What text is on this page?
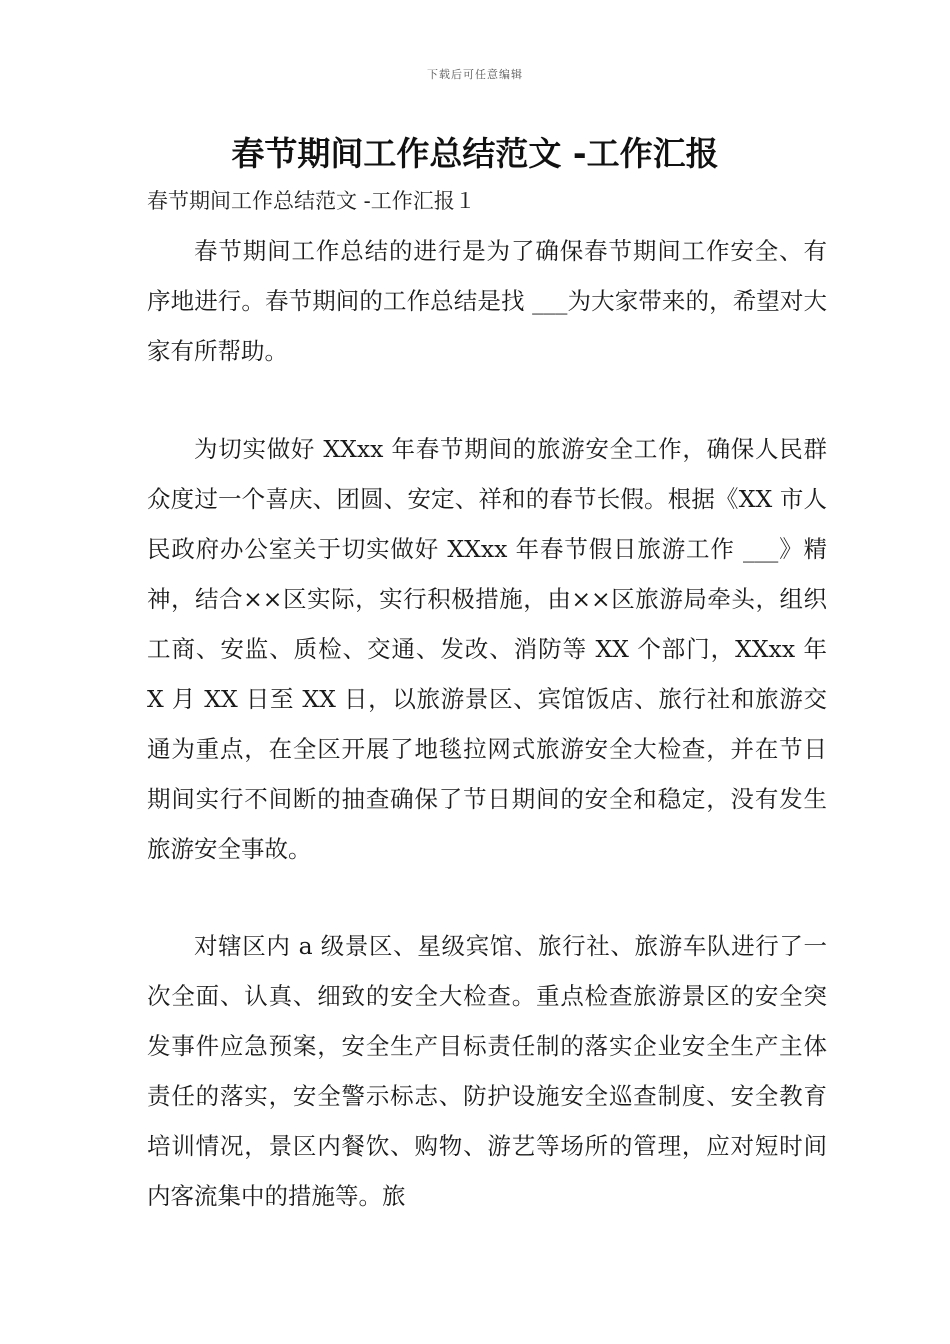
下载后可任意编辑
春节期间工作总结范文 -工作汇报
春节期间工作总结范文 -工作汇报１

春节期间工作总结的进行是为了确保春节期间工作安全、有序地进行。春节期间的工作总结是找 ___为大家带来的，希望对大家有所帮助。

为切实做好 XXxx 年春节期间的旅游安全工作，确保人民群众度过一个喜庆、团圆、安定、祥和的春节长假。根据《XX 市人民政府办公室关于切实做好 XXxx 年春节假日旅游工作 ___》精神，结合××区实际，实行积极措施，由××区旅游局牵头，组织工商、安监、质检、交通、发改、消防等 XX 个部门，XXxx 年 X 月 XX 日至 XX 日，以旅游景区、宾馆饭店、旅行社和旅游交通为重点，在全区开展了地毯拉网式旅游安全大检查，并在节日期间实行不间断的抽查确保了节日期间的安全和稳定，没有发生旅游安全事故。

对辖区内 a 级景区、星级宾馆、旅行社、旅游车队进行了一次全面、认真、细致的安全大检查。重点检查旅游景区的安全突发事件应急预案，安全生产目标责任制的落实企业安全生产主体责任的落实，安全警示标志、防护设施安全巡查制度、安全教育培训情况，景区内餐饮、购物、游艺等场所的管理，应对短时间内客流集中的措施等。旅
